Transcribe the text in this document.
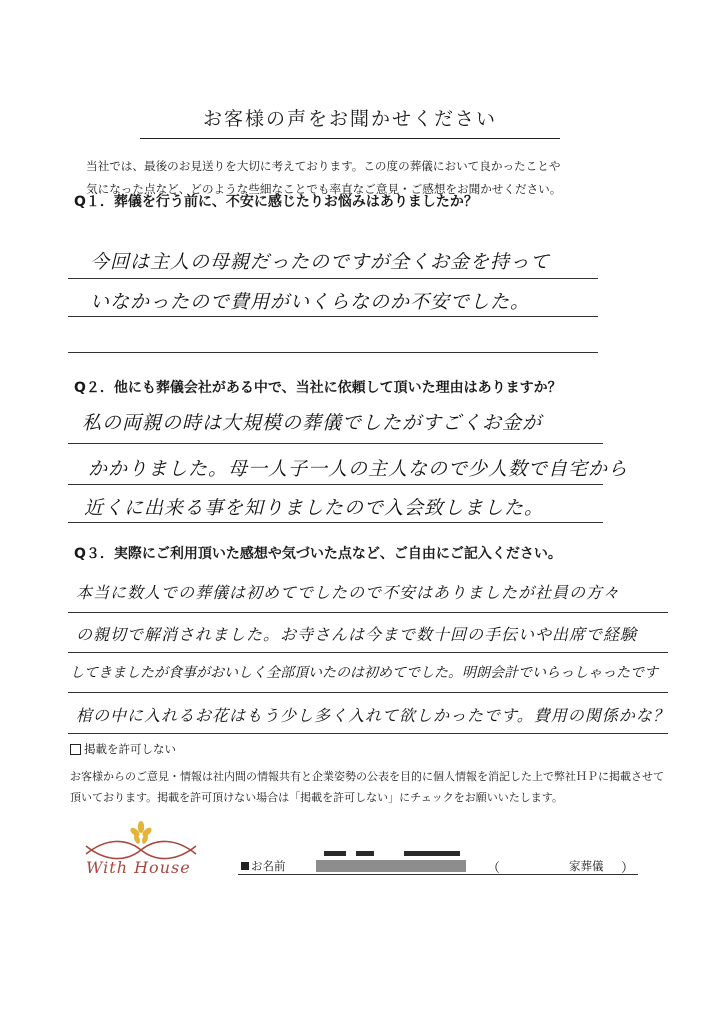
お客様の声をお聞かせください
当社では、最後のお見送りを大切に考えております。この度の葬儀において良かったことや
気になった点など、どのような些細なことでも率直なご意見・ご感想をお聞かせください。
Q１．葬儀を行う前に、不安に感じたりお悩みはありましたか？
今回は主人の母親だったのですが全くお金を持って
いなかったので費用がいくらなのか不安でした。
Q２．他にも葬儀会社がある中で、当社に依頼して頂いた理由はありますか？
私の両親の時は大規模の葬儀でしたがすごくお金が
かかりました。母一人子一人の主人なので少人数で自宅から
近くに出来る事を知りましたので入会致しました。
Q３．実際にご利用頂いた感想や気づいた点など、ご自由にご記入ください。
本当に数人での葬儀は初めてでしたので不安はありましたが社員の方々
の親切で解消されました。お寺さんは今まで数十回の手伝いや出席で経験
してきましたが食事がおいしく全部頂いたのは初めてでした。明朗会計でいらっしゃったです
棺の中に入れるお花はもう少し多く入れて欲しかったです。費用の関係かな？
掲載を許可しない
お客様からのご意見・情報は社内間の情報共有と企業姿勢の公表を目的に個人情報を消記した上で弊社ＨＰに掲載させて
頂いております。掲載を許可頂けない場合は「掲載を許可しない」にチェックをお願いいたします。
With House	お名前	（	家葬儀 ）
